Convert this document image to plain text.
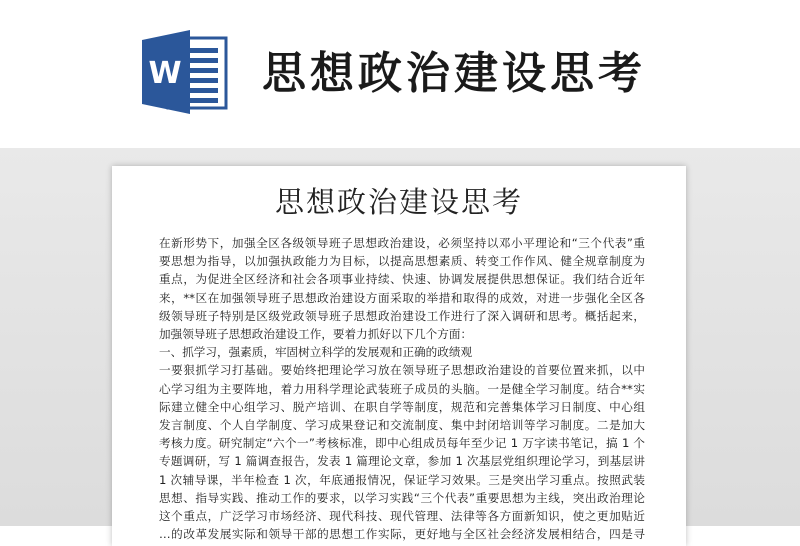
W 思想政治建设思考
思想政治建设思考
在新形势下，加强全区各级领导班子思想政治建设，必须坚持以邓小平理论和“三个代表”重
要思想为指导，以加强执政能力为目标，以提高思想素质、转变工作作风、健全规章制度为
重点，为促进全区经济和社会各项事业持续、快速、协调发展提供思想保证。我们结合近年
来，**区在加强领导班子思想政治建设方面采取的举措和取得的成效，对进一步强化全区各
级领导班子特别是区级党政领导班子思想政治建设工作进行了深入调研和思考。概括起来，
加强领导班子思想政治建设工作，要着力抓好以下几个方面：
一、抓学习，强素质，牢固树立科学的发展观和正确的政绩观
一要狠抓学习打基础。要始终把理论学习放在领导班子思想政治建设的首要位置来抓，以中
心学习组为主要阵地，着力用科学理论武装班子成员的头脑。一是健全学习制度。结合**实
际建立健全中心组学习、脱产培训、在职自学等制度，规范和完善集体学习日制度、中心组
发言制度、个人自学制度、学习成果登记和交流制度、集中封闭培训等学习制度。二是加大
考核力度。研究制定“六个一”考核标准，即中心组成员每年至少记 1 万字读书笔记，搞 1 个
专题调研，写 1 篇调查报告，发表 1 篇理论文章，参加 1 次基层党组织理论学习，到基层讲
1 次辅导课，半年检查 1 次，年底通报情况，保证学习效果。三是突出学习重点。按照武装
思想、指导实践、推动工作的要求，以学习实践“三个代表”重要思想为主线，突出政治理论
这个重点，广泛学习市场经济、现代科技、现代管理、法律等各方面新知识，使之更加贴近
…的改革发展实际和领导干部的思想工作实际，更好地与全区社会经济发展相结合，四是寻
